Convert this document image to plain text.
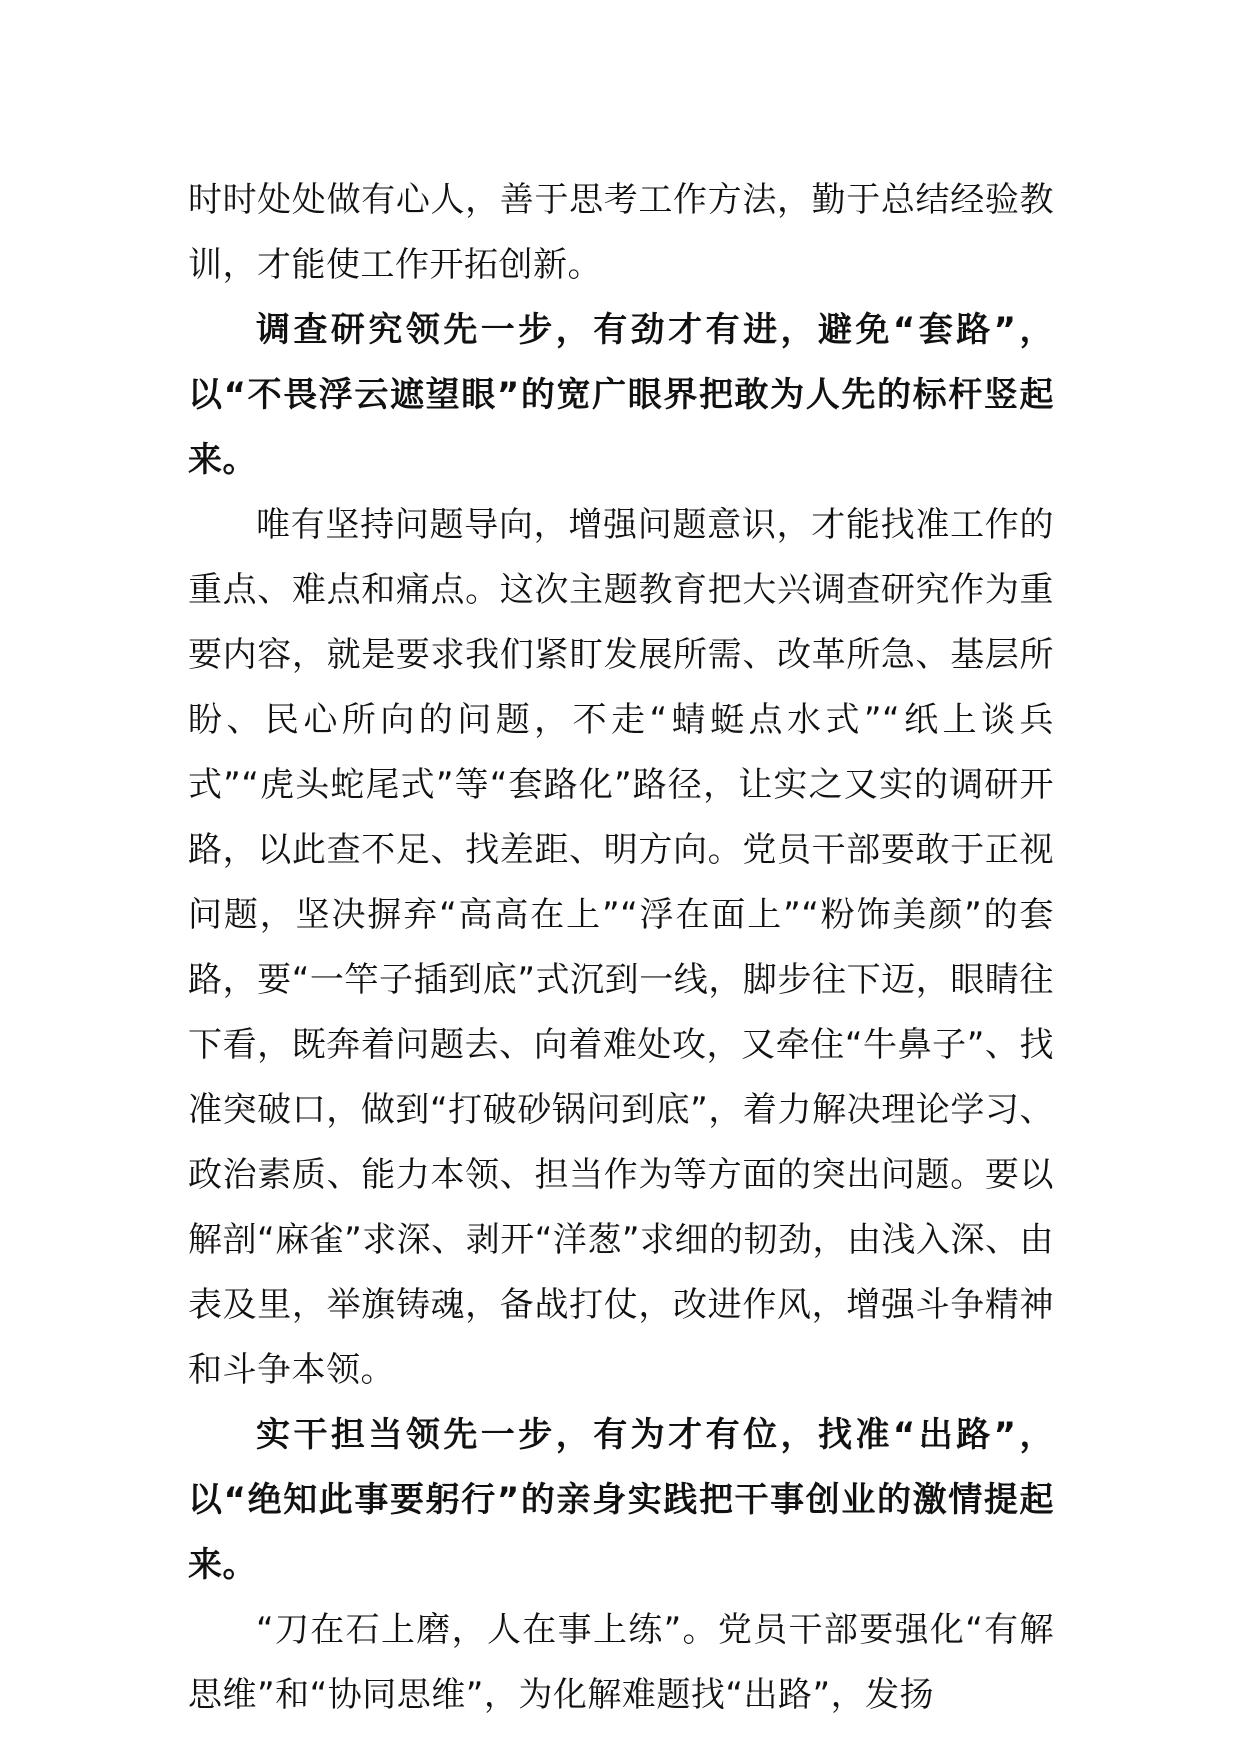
时时处处做有心人，善于思考工作方法，勤于总结经验教训，才能使工作开拓创新。

调查研究领先一步，有劲才有进，避免“套路”，以“不畏浮云遮望眼”的宽广眼界把敢为人先的标杆竖起来。

唯有坚持问题导向，增强问题意识，才能找准工作的重点、难点和痛点。这次主题教育把大兴调查研究作为重要内容，就是要求我们紧盯发展所需、改革所急、基层所盼、民心所向的问题，不走“蜻蜓点水式”“纸上谈兵式”“虎头蛇尾式”等“套路化”路径，让实之又实的调研开路，以此查不足、找差距、明方向。党员干部要敢于正视问题，坚决摒弃“高高在上”“浮在面上”“粉饰美颜”的套路，要“一竿子插到底”式沉到一线，脚步往下迈，眼睛往下看，既奔着问题去、向着难处攻，又牵住“牛鼻子”、找准突破口，做到“打破砂锅问到底”，着力解决理论学习、政治素质、能力本领、担当作为等方面的突出问题。要以解剖“麻雀”求深、剥开“洋葱”求细的韧劲，由浅入深、由表及里，举旗铸魂，备战打仗，改进作风，增强斗争精神和斗争本领。

实干担当领先一步，有为才有位，找准“出路”，以“绝知此事要躬行”的亲身实践把干事创业的激情提起来。

“刀在石上磨，人在事上练”。党员干部要强化“有解思维”和“协同思维”，为化解难题找“出路”，发扬
